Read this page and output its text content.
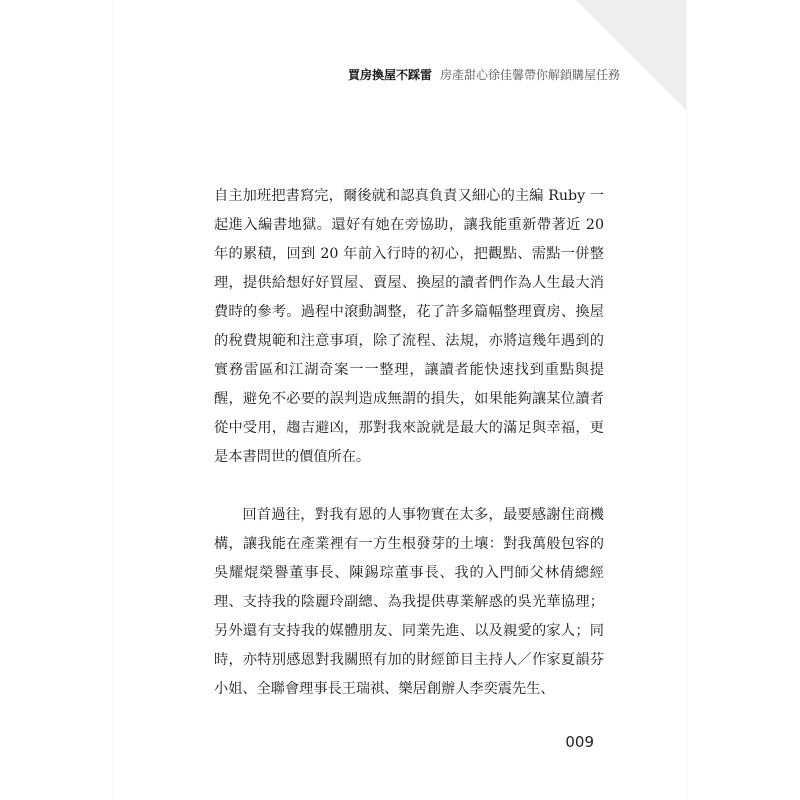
買房換屋不踩雷 房產甜心徐佳馨帶你解鎖購屋任務

自主加班把書寫完，爾後就和認真負責又細心的主編 Ruby 一起進入編書地獄。還好有她在旁協助，讓我能重新帶著近 20 年的累積，回到 20 年前入行時的初心，把觀點、需點一併整理，提供給想好好買屋、賣屋、換屋的讀者們作為人生最大消費時的參考。過程中滾動調整，花了許多篇幅整理賣房、換屋的稅費規範和注意事項，除了流程、法規，亦將這幾年遇到的實務雷區和江湖奇案一一整理，讓讀者能快速找到重點與提醒，避免不必要的誤判造成無謂的損失，如果能夠讓某位讀者從中受用，趨吉避凶，那對我來說就是最大的滿足與幸福，更是本書問世的價值所在。

回首過往，對我有恩的人事物實在太多，最要感謝住商機構，讓我能在產業裡有一方生根發芽的土壤：對我萬般包容的吳耀焜榮譽董事長、陳錫琮董事長、我的入門師父林倩總經理、支持我的陰麗玲副總、為我提供專業解惑的吳光華協理；另外還有支持我的媒體朋友、同業先進、以及親愛的家人；同時，亦特別感恩對我關照有加的財經節目主持人／作家夏韻芬小姐、全聯會理事長王瑞祺、樂居創辦人李奕震先生、

009
